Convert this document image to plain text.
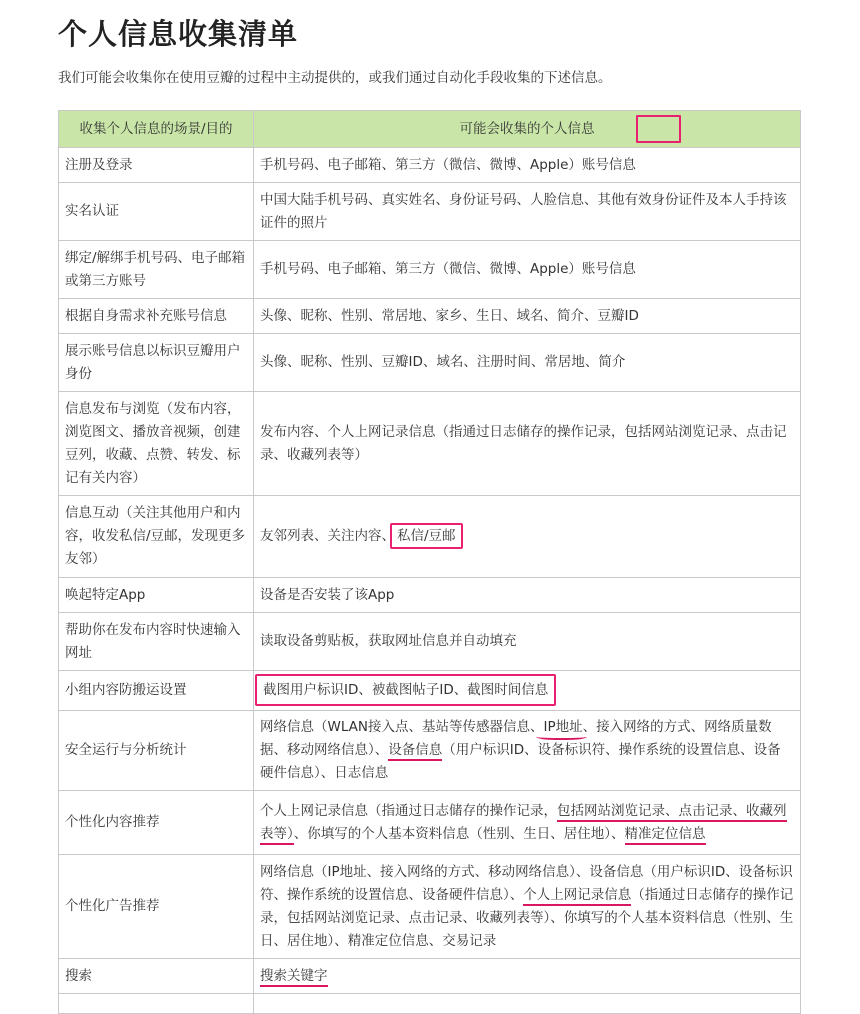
个人信息收集清单

我们可能会收集你在使用豆瓣的过程中主动提供的，或我们通过自动化手段收集的下述信息。

收集个人信息的场景/目的	可能会收集的个人信息

注册及登录	手机号码、电子邮箱、第三方（微信、微博、Apple）账号信息
实名认证	中国大陆手机号码、真实姓名、身份证号码、人脸信息、其他有效身份证件及本人手持该证件的照片
绑定/解绑手机号码、电子邮箱或第三方账号	手机号码、电子邮箱、第三方（微信、微博、Apple）账号信息
根据自身需求补充账号信息	头像、昵称、性别、常居地、家乡、生日、域名、简介、豆瓣ID
展示账号信息以标识豆瓣用户身份	头像、昵称、性别、豆瓣ID、域名、注册时间、常居地、简介
信息发布与浏览（发布内容，浏览图文、播放音视频，创建豆列，收藏、点赞、转发、标记有关内容）	发布内容、个人上网记录信息（指通过日志储存的操作记录，包括网站浏览记录、点击记录、收藏列表等）
信息互动（关注其他用户和内容，收发私信/豆邮，发现更多友邻）	友邻列表、关注内容、 私信/豆邮
唤起特定App	设备是否安装了该App
帮助你在发布内容时快速输入网址	读取设备剪贴板，获取网址信息并自动填充
小组内容防搬运设置	截图用户标识ID、被截图帖子ID、截图时间信息
安全运行与分析统计	网络信息（WLAN接入点、基站等传感器信息、IP地址、接入网络的方式、网络质量数据、移动网络信息）、设备信息（用户标识ID、设备标识符、操作系统的设置信息、设备硬件信息）、日志信息
个性化内容推荐	个人上网记录信息（指通过日志储存的操作记录，包括网站浏览记录、点击记录、收藏列表等）、你填写的个人基本资料信息（性别、生日、居住地）、精准定位信息
个性化广告推荐	网络信息（IP地址、接入网络的方式、移动网络信息）、设备信息（用户标识ID、设备标识符、操作系统的设置信息、设备硬件信息）、个人上网记录信息（指通过日志储存的操作记录，包括网站浏览记录、点击记录、收藏列表等）、你填写的个人基本资料信息（性别、生日、居住地）、精准定位信息、交易记录
搜索	搜索关键字
